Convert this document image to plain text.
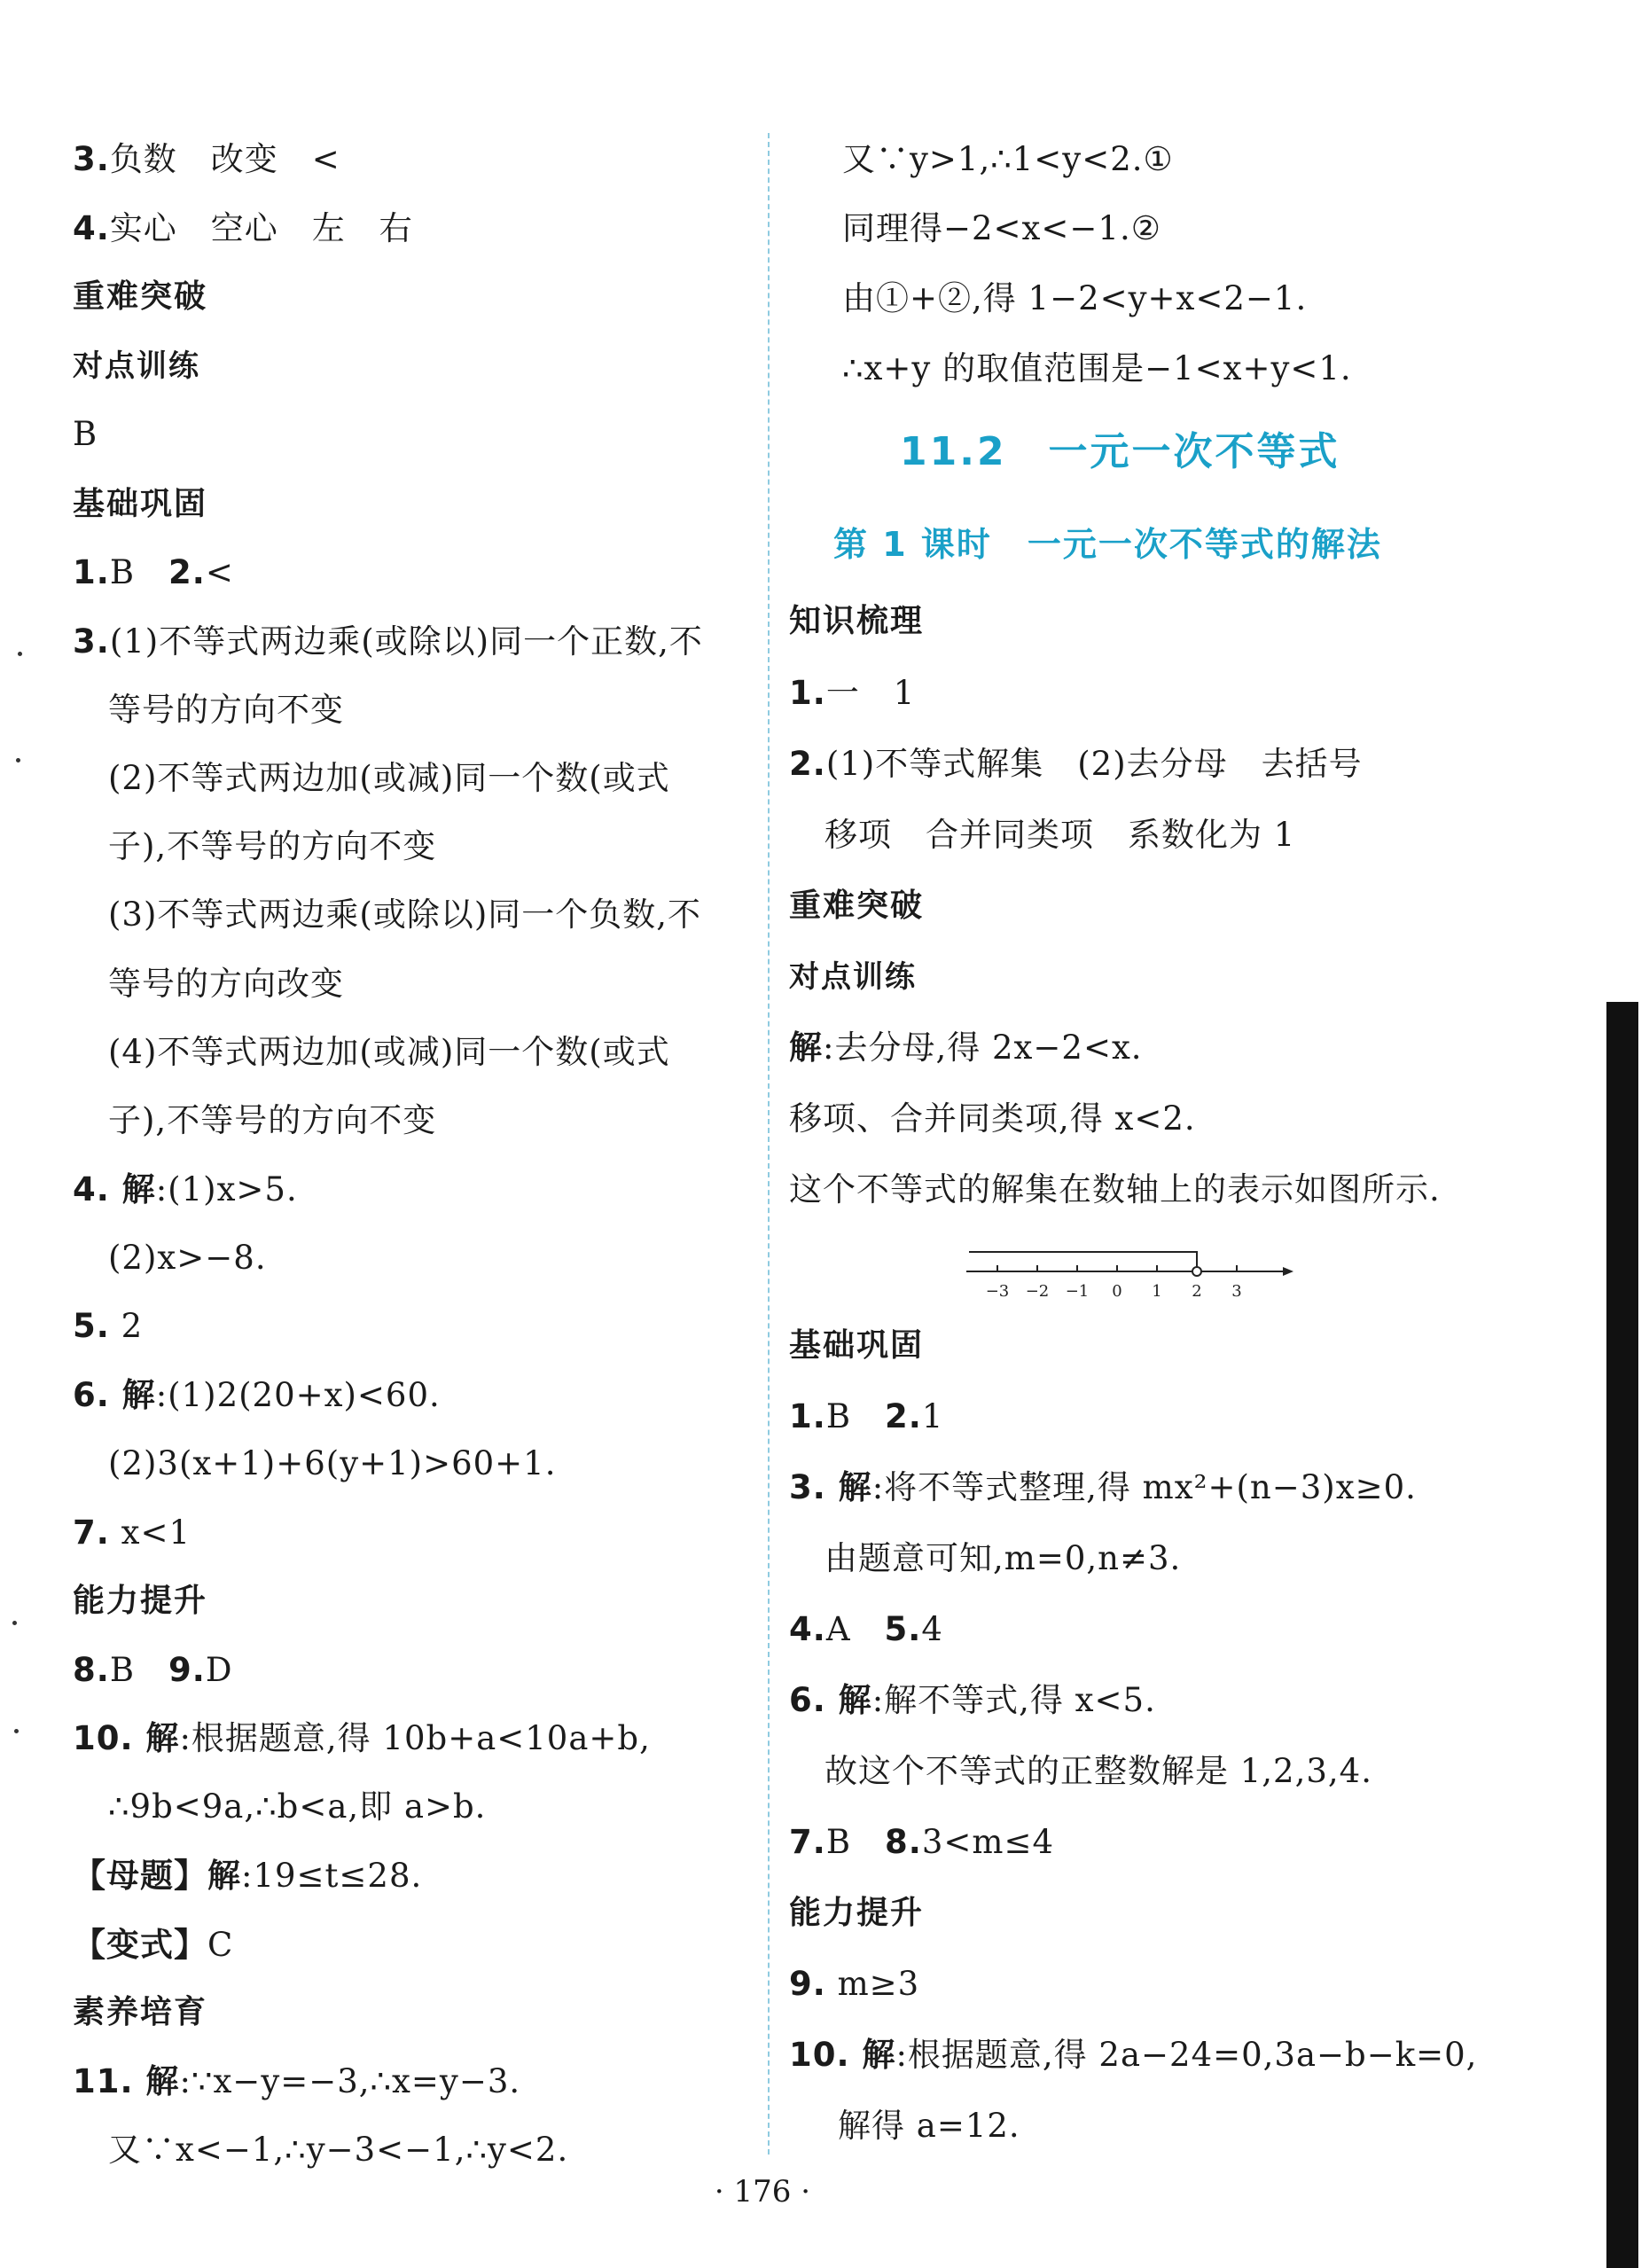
3.负数　改变　<
4.实心　空心　左　右
重难突破
对点训练
B
基础巩固
1.B　2.<
3.(1)不等式两边乘(或除以)同一个正数,不
等号的方向不变
(2)不等式两边加(或减)同一个数(或式
子),不等号的方向不变
(3)不等式两边乘(或除以)同一个负数,不
等号的方向改变
(4)不等式两边加(或减)同一个数(或式
子),不等号的方向不变
4. 解:(1)x>5.
(2)x>−8.
5. 2
6. 解:(1)2(20+x)<60.
(2)3(x+1)+6(y+1)>60+1.
7. x<1
能力提升
8.B　9.D
10. 解:根据题意,得 10b+a<10a+b,
∴9b<9a,∴b<a,即 a>b.
【母题】解:19≤t≤28.
【变式】C
素养培育
11. 解:∵x−y=−3,∴x=y−3.
又∵x<−1,∴y−3<−1,∴y<2.
又∵y>1,∴1<y<2.①
同理得−2<x<−1.②
由①+②,得 1−2<y+x<2−1.
∴x+y 的取值范围是−1<x+y<1.
11.2　一元一次不等式
第 1 课时　一元一次不等式的解法
知识梳理
1.一　1
2.(1)不等式解集　(2)去分母　去括号
移项　合并同类项　系数化为 1
重难突破
对点训练
解:去分母,得 2x−2<x.
移项、合并同类项,得 x<2.
这个不等式的解集在数轴上的表示如图所示.
基础巩固
1.B　2.1
3. 解:将不等式整理,得 mx²+(n−3)x≥0.
由题意可知,m=0,n≠3.
4.A　5.4
6. 解:解不等式,得 x<5.
故这个不等式的正整数解是 1,2,3,4.
7.B　8.3<m≤4
能力提升
9. m≥3
10. 解:根据题意,得 2a−24=0,3a−b−k=0,
解得 a=12.
−3 −2 −1 0 1 2 3
· 176 ·
